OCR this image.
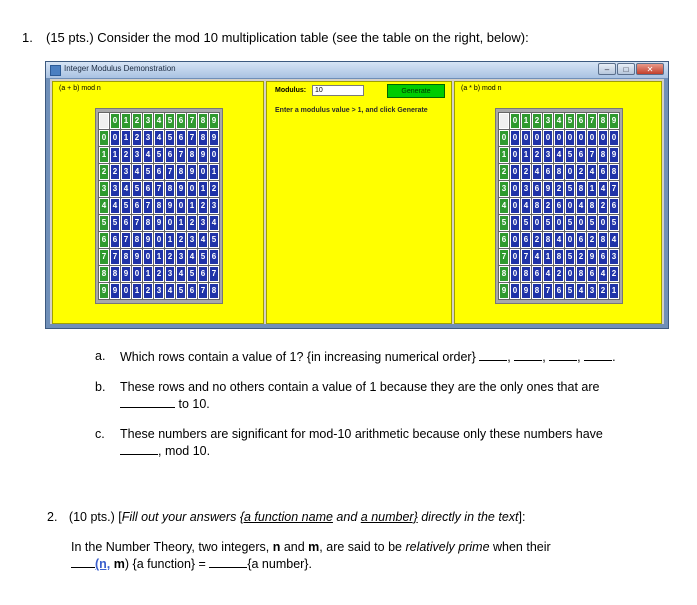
1. (15 pts.) Consider the mod 10 multiplication table (see the table on the right, below):
Integer Modulus Demonstration	–	□	✕
(a + b) mod n
0 1 2 3 4 5 6 7 8 9
0 0 1 2 3 4 5 6 7 8 9
1 1 2 3 4 5 6 7 8 9 0
2 2 3 4 5 6 7 8 9 0 1
3 3 4 5 6 7 8 9 0 1 2
4 4 5 6 7 8 9 0 1 2 3
5 5 6 7 8 9 0 1 2 3 4
6 6 7 8 9 0 1 2 3 4 5
7 7 8 9 0 1 2 3 4 5 6
8 8 9 0 1 2 3 4 5 6 7
9 9 0 1 2 3 4 5 6 7 8
Modulus:
10	Generate
Enter a modulus value > 1, and click Generate
(a * b) mod n
0 1 2 3 4 5 6 7 8 9
0 0 0 0 0 0 0 0 0 0 0
1 0 1 2 3 4 5 6 7 8 9
2 0 2 4 6 8 0 2 4 6 8
3 0 3 6 9 2 5 8 1 4 7
4 0 4 8 2 6 0 4 8 2 6
5 0 5 0 5 0 5 0 5 0 5
6 0 6 2 8 4 0 6 2 8 4
7 0 7 4 1 8 5 2 9 6 3
8 0 8 6 4 2 0 8 6 4 2
9 0 9 8 7 6 5 4 3 2 1
a. Which rows contain a value of 1? {in increasing numerical order}	,	,	,	.
b. These rows and no others contain a value of 1 because they are the only ones that are
to 10.
c. These numbers are significant for mod-10 arithmetic because only these numbers have
, mod 10.
2. (10 pts.) [Fill out your answers {a function name and a number} directly in the text]:
In the Number Theory, two integers, n and m, are said to be relatively prime when their
(n, m) {a function} =	{a number}.
